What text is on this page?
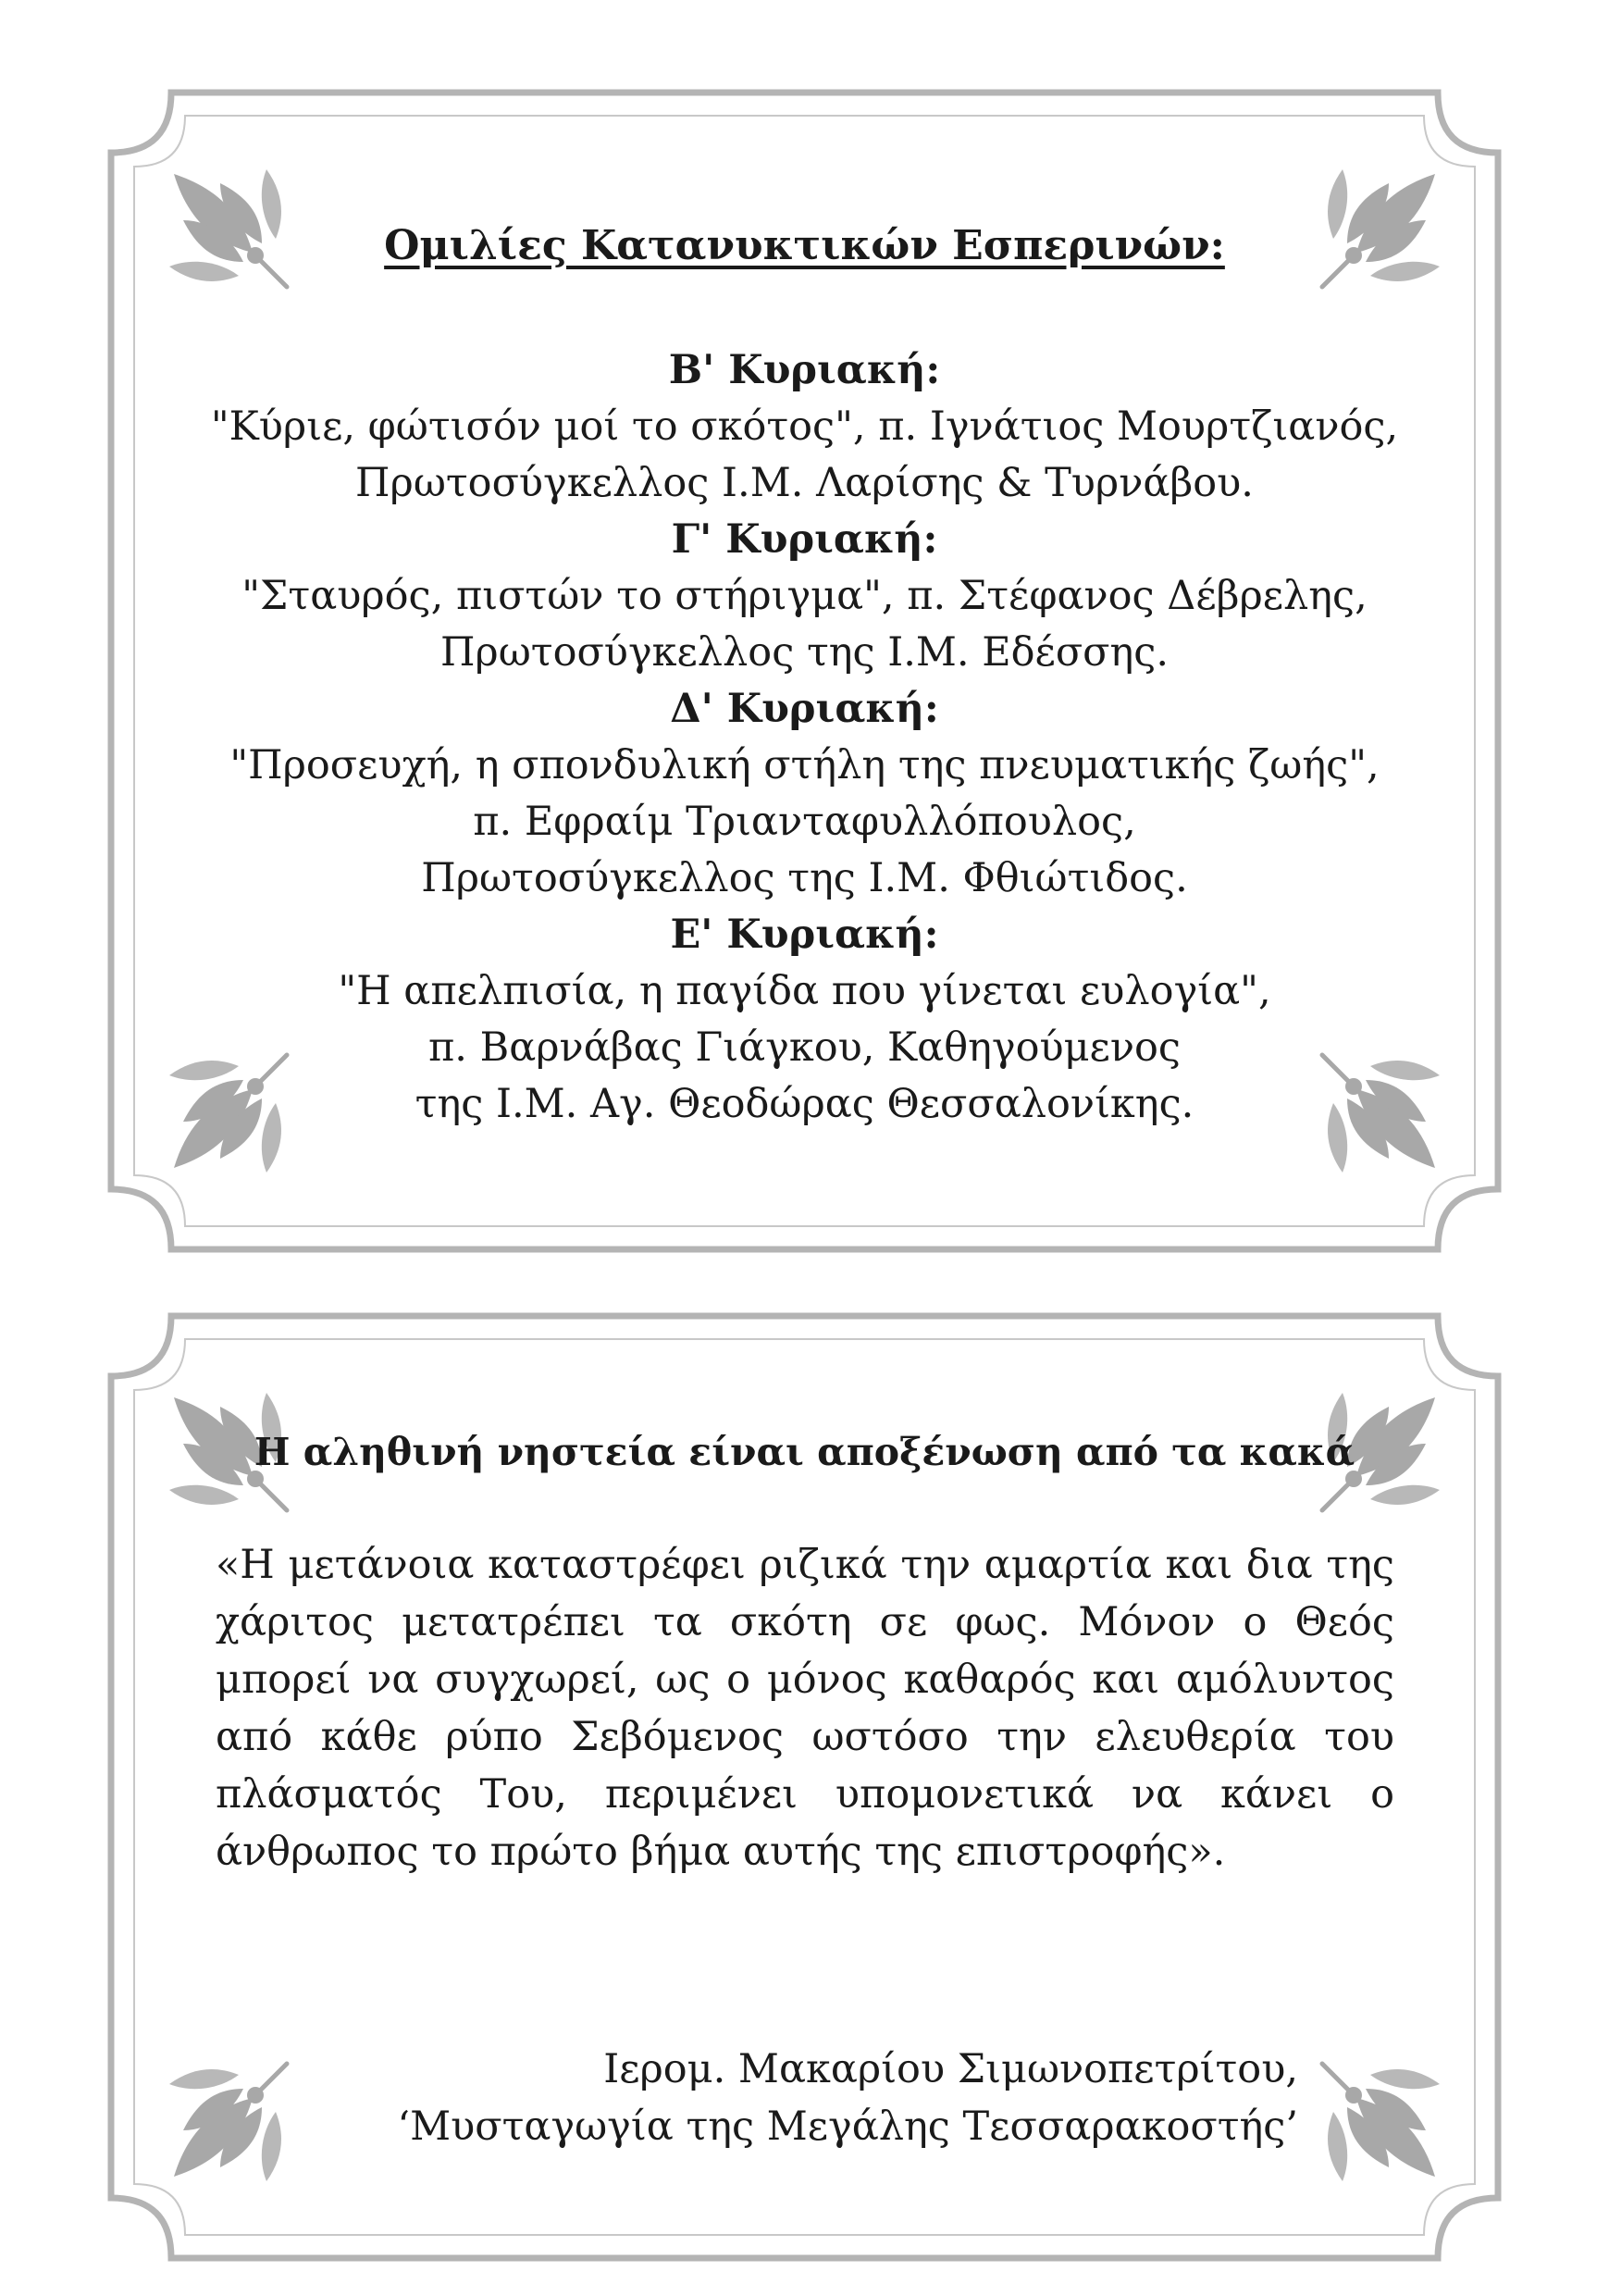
Ομιλίες Κατανυκτικών Εσπερινών:
Β' Κυριακή:
"Κύριε, φώτισόν μοί το σκότος", π. Ιγνάτιος Μουρτζιανός,
Πρωτοσύγκελλος Ι.Μ. Λαρίσης & Τυρνάβου.
Γ' Κυριακή:
"Σταυρός, πιστών το στήριγμα", π. Στέφανος Δέβρελης,
Πρωτοσύγκελλος της Ι.Μ. Εδέσσης.
Δ' Κυριακή:
"Προσευχή, η σπονδυλική στήλη της πνευματικής ζωής",
π. Εφραίμ Τριανταφυλλόπουλος,
Πρωτοσύγκελλος της Ι.Μ. Φθιώτιδος.
Ε' Κυριακή:
"Η απελπισία, η παγίδα που γίνεται ευλογία",
π. Βαρνάβας Γιάγκου, Καθηγούμενος
της Ι.Μ. Αγ. Θεοδώρας Θεσσαλονίκης.
Η αληθινή νηστεία είναι αποξένωση από τα κακά
«Η μετάνοια καταστρέφει ριζικά την αμαρτία και δια της χάριτος μετατρέπει τα σκότη σε φως. Μόνον ο Θεός μπορεί να συγχωρεί, ως ο μόνος καθαρός και αμόλυντος από κάθε ρύπο Σεβόμενος ωστόσο την ελευθερία του πλάσματός Του, περιμένει υπομονετικά να κάνει ο άνθρωπος το πρώτο βήμα αυτής της επιστροφής».
Ιερομ. Μακαρίου Σιμωνοπετρίτου,
‘Μυσταγωγία της Μεγάλης Τεσσαρακοστής’
